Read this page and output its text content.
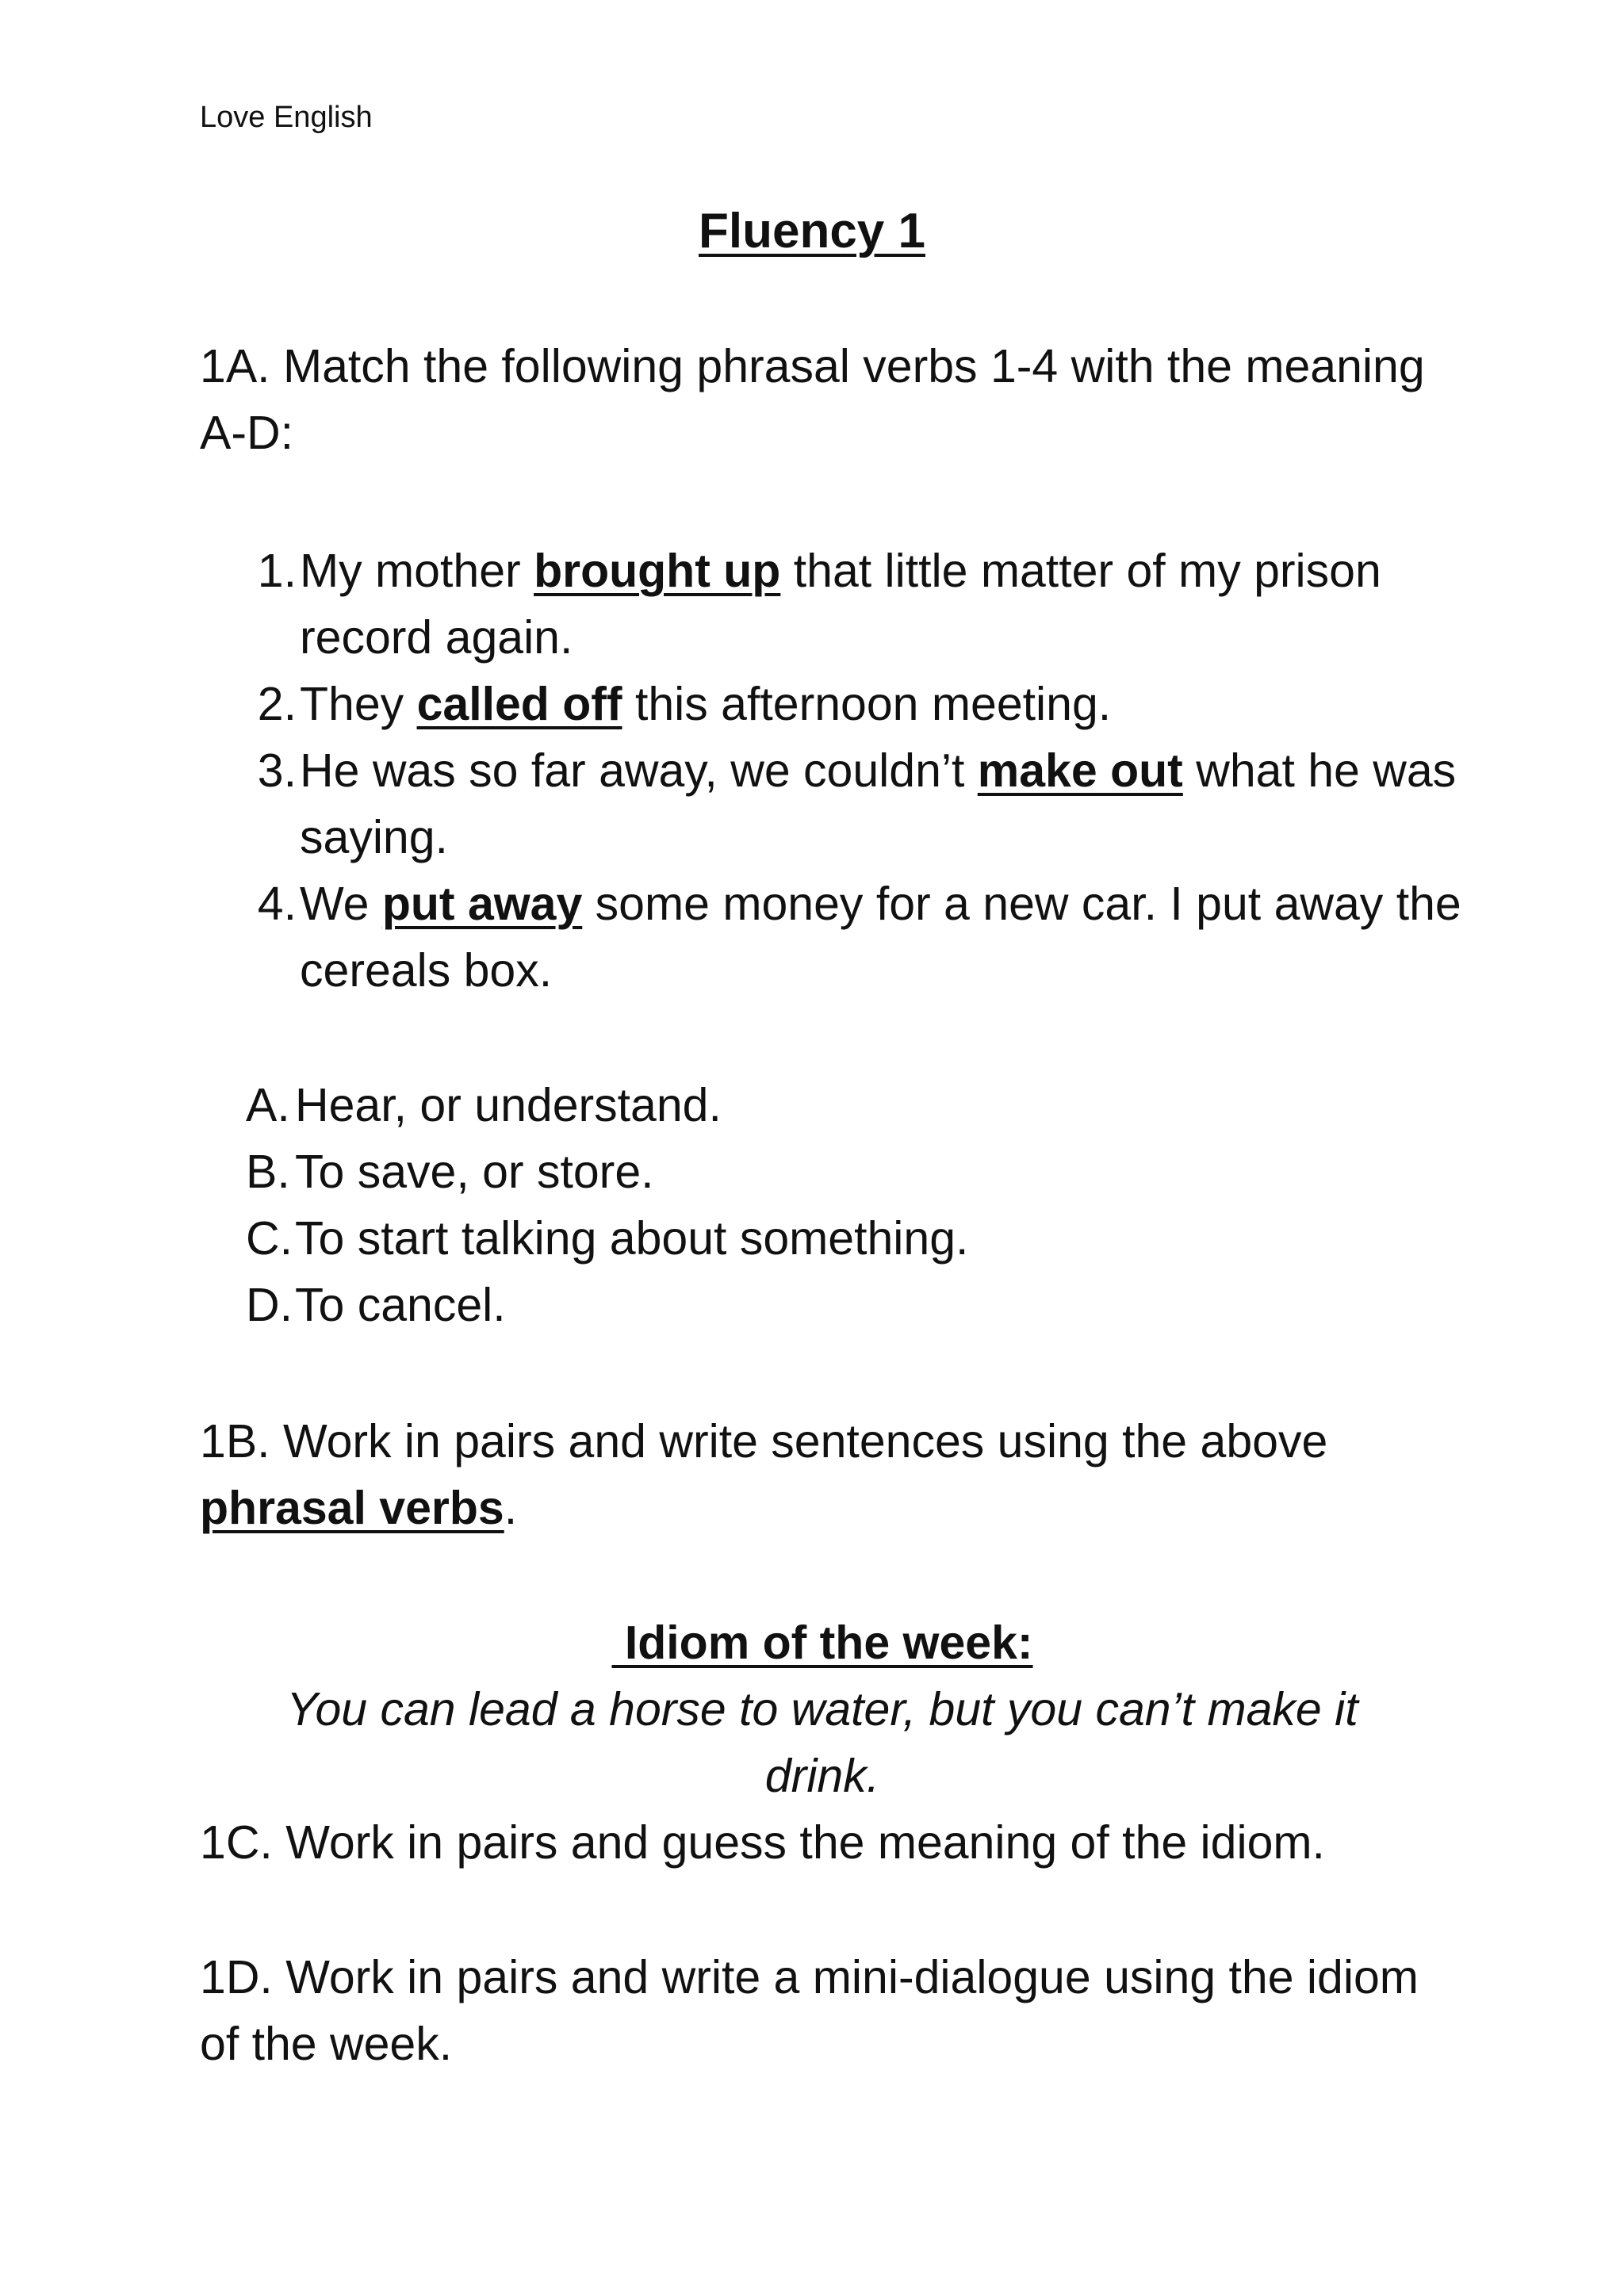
Love English
Fluency 1
1A. Match the following phrasal verbs 1-4 with the meaning A-D:
1. My mother brought up that little matter of my prison record again.
2. They called off this afternoon meeting.
3. He was so far away, we couldn’t make out what he was saying.
4. We put away some money for a new car. I put away the cereals box.
A. Hear, or understand.
B. To save, or store.
C. To start talking about something.
D. To cancel.
1B. Work in pairs and write sentences using the above phrasal verbs.
Idiom of the week:
You can lead a horse to water, but you can’t make it drink.
1C. Work in pairs and guess the meaning of the idiom.
1D. Work in pairs and write a mini-dialogue using the idiom of the week.
